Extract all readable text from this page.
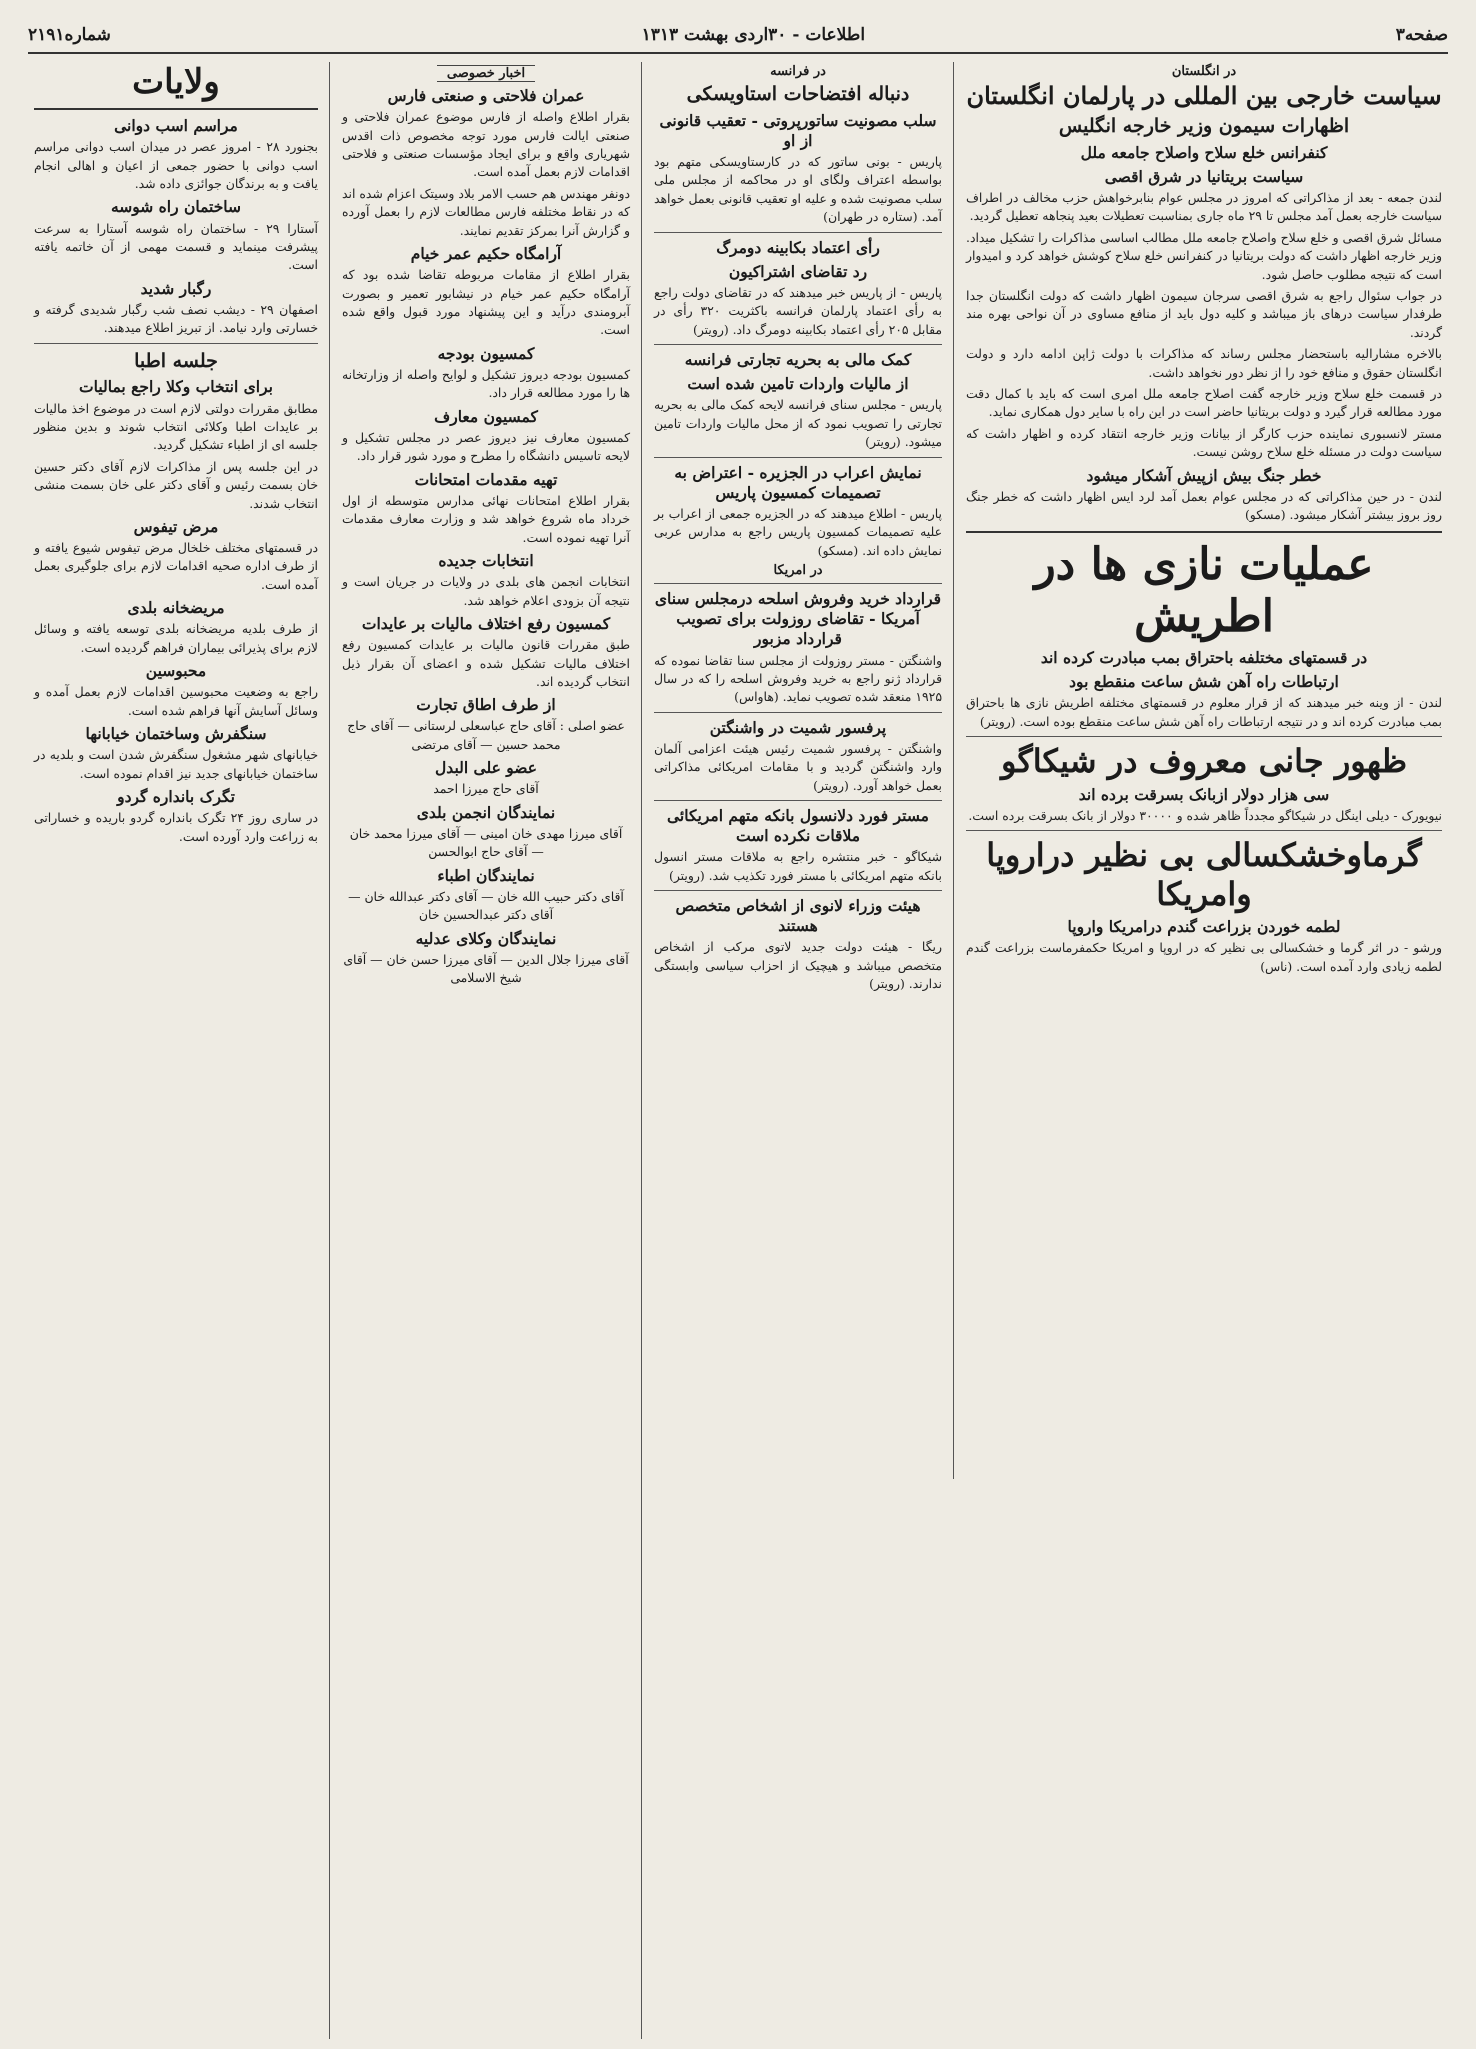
صفحه۳
اطلاعات - ۳۰اردی بهشت ۱۳۱۳
شماره۲۱۹۱
در انگلستان
سیاست خارجی بین المللی در پارلمان انگلستان
اظهارات سیمون وزیر خارجه انگلیس
کنفرانس خلع سلاح واصلاح جامعه ملل
سیاست بریتانیا در شرق اقصی

لندن جمعه - بعد از مذاکراتی که امروز در مجلس عوام بنابرخواهش حزب مخالف در اطراف سیاست خارجه بعمل آمد مجلس تا ۲۹ ماه جاری بمناسبت تعطیلات بعید پنجاهه تعطیل گردید.

مسائل شرق اقصی و خلع سلاح واصلاح جامعه ملل مطالب اساسی مذاکرات را تشکیل میداد. وزیر خارجه اظهار داشت که دولت بریتانیا در کنفرانس خلع سلاح کوشش خواهد کرد و امیدوار است که نتیجه مطلوب حاصل شود.

در جواب سئوال راجع به شرق اقصی سرجان سیمون اظهار داشت که دولت انگلستان جدا طرفدار سیاست درهای باز میباشد و کلیه دول باید از منافع مساوی در آن نواحی بهره مند گردند.

بالاخره مشارالیه باستحضار مجلس رساند که مذاکرات با دولت ژاپن ادامه دارد و دولت انگلستان حقوق و منافع خود را از نظر دور نخواهد داشت.

در قسمت خلع سلاح وزیر خارجه گفت اصلاح جامعه ملل امری است که باید با کمال دقت مورد مطالعه قرار گیرد و دولت بریتانیا حاضر است در این راه با سایر دول همکاری نماید.

مستر لانسبوری نماینده حزب کارگر از بیانات وزیر خارجه انتقاد کرده و اظهار داشت که سیاست دولت در مسئله خلع سلاح روشن نیست.

خطر جنگ بیش ازپیش آشکار میشود

لندن - در حین مذاکراتی که در مجلس عوام بعمل آمد لرد ایس اظهار داشت که خطر جنگ روز بروز بیشتر آشکار میشود. (مسکو)

عملیات نازی ها در اطریش
در قسمتهای مختلفه باحتراق بمب مبادرت کرده اند
ارتباطات راه آهن شش ساعت منقطع بود

لندن - از وینه خبر میدهند که از قرار معلوم در قسمتهای مختلفه اطریش نازی ها باحتراق بمب مبادرت کرده اند و در نتیجه ارتباطات راه آهن شش ساعت منقطع بوده است. (رویتر)

ظهور جانی معروف در شیکاگو
سی هزار دولار ازبانک بسرقت برده اند

نیویورک - دیلی اینگل در شیکاگو مجدداً ظاهر شده و ۳۰۰۰۰ دولار از بانک بسرقت برده است.

گرماوخشکسالی بی نظیر دراروپا وامریکا
لطمه خوردن بزراعت گندم درامریکا واروپا

ورشو - در اثر گرما و خشکسالی بی نظیر که در اروپا و امریکا حکمفرماست بزراعت گندم لطمه زیادی وارد آمده است. (ناس)

در فرانسه
دنباله افتضاحات استاویسکی
سلب مصونیت ساتورپروتی - تعقیب قانونی از او

پاریس - بونی ساتور که در کارستاویسکی متهم بود بواسطه اعتراف ولگای او در محاکمه از مجلس ملی سلب مصونیت شده و علیه او تعقیب قانونی بعمل خواهد آمد. (ستاره در طهران)

رأی اعتماد بکابینه دومرگ
رد تقاضای اشتراکیون

پاریس - از پاریس خبر میدهند که در تقاضای دولت راجع به رأی اعتماد پارلمان فرانسه باکثریت ۳۲۰ رأی در مقابل ۲۰۵ رأی اعتماد بکابینه دومرگ داد. (رویتر)

کمک مالی به بحریه تجارتی فرانسه
از مالیات واردات تامین شده است

پاریس - مجلس سنای فرانسه لایحه کمک مالی به بحریه تجارتی را تصویب نمود که از محل مالیات واردات تامین میشود. (رویتر)

نمایش اعراب در الجزیره - اعتراض به تصمیمات کمسیون پاریس

پاریس - اطلاع میدهند که در الجزیره جمعی از اعراب بر علیه تصمیمات کمسیون پاریس راجع به مدارس عربی نمایش داده اند. (مسکو)

در امریکا
قرارداد خرید وفروش اسلحه درمجلس سنای آمریکا - تقاضای روزولت برای تصویب قرارداد مزبور

واشنگتن - مستر روزولت از مجلس سنا تقاضا نموده که قرارداد ژنو راجع به خرید وفروش اسلحه را که در سال ۱۹۲۵ منعقد شده تصویب نماید. (هاواس)

پرفسور شمیت در واشنگتن

واشنگتن - پرفسور شمیت رئیس هیئت اعزامی آلمان وارد واشنگتن گردید و با مقامات امریکائی مذاکراتی بعمل خواهد آورد. (رویتر)

مستر فورد دلانسول بانکه متهم امریکائی ملاقات نکرده است

شیکاگو - خبر منتشره راجع به ملاقات مستر انسول بانکه متهم امریکائی با مستر فورد تکذیب شد. (رویتر)

هیئت وزراء لانوی از اشخاص متخصص هستند

ریگا - هیئت دولت جدید لاتوی مرکب از اشخاص متخصص میباشد و هیچیک از احزاب سیاسی وابستگی ندارند. (رویتر)

اخبار خصوصی
عمران فلاحتی و صنعتی فارس

بقرار اطلاع واصله از فارس موضوع عمران فلاحتی و صنعتی ایالت فارس مورد توجه مخصوص ذات اقدس شهریاری واقع و برای ایجاد مؤسسات صنعتی و فلاحتی اقدامات لازم بعمل آمده است.

دونفر مهندس هم حسب الامر بلاد وسیتک اعزام شده اند که در نقاط مختلفه فارس مطالعات لازم را بعمل آورده و گزارش آنرا بمرکز تقدیم نمایند.

آرامگاه حکیم عمر خیام

بقرار اطلاع از مقامات مربوطه تقاضا شده بود که آرامگاه حکیم عمر خیام در نیشابور تعمیر و بصورت آبرومندی درآید و این پیشنهاد مورد قبول واقع شده است.

کمسیون بودجه

کمسیون بودجه دیروز تشکیل و لوایح واصله از وزارتخانه ها را مورد مطالعه قرار داد.

کمسیون معارف

کمسیون معارف نیز دیروز عصر در مجلس تشکیل و لایحه تاسیس دانشگاه را مطرح و مورد شور قرار داد.

تهیه مقدمات امتحانات

بقرار اطلاع امتحانات نهائی مدارس متوسطه از اول خرداد ماه شروع خواهد شد و وزارت معارف مقدمات آنرا تهیه نموده است.

انتخابات جدیده

انتخابات انجمن های بلدی در ولایات در جریان است و نتیجه آن بزودی اعلام خواهد شد.

کمسیون رفع اختلاف مالیات بر عایدات

طبق مقررات قانون مالیات بر عایدات کمسیون رفع اختلاف مالیات تشکیل شده و اعضای آن بقرار ذیل انتخاب گردیده اند.

از طرف اطاق تجارت
عضو اصلی : آقای حاج عباسعلی لرستانی — آقای حاج محمد حسین — آقای مرتضی
عضو علی البدل
آقای حاج میرزا احمد
نمایندگان انجمن بلدی
آقای میرزا مهدی خان امینی — آقای میرزا محمد خان — آقای حاج ابوالحسن
نمایندگان اطباء
آقای دکتر حبیب الله خان — آقای دکتر عبدالله خان — آقای دکتر عبدالحسین خان
نمایندگان وکلای عدلیه
آقای میرزا جلال الدین — آقای میرزا حسن خان — آقای شیخ الاسلامی
ولایات
مراسم اسب دوانی

بجنورد ۲۸ - امروز عصر در میدان اسب دوانی مراسم اسب دوانی با حضور جمعی از اعیان و اهالی انجام یافت و به برندگان جوائزی داده شد.

ساختمان راه شوسه

آستارا ۲۹ - ساختمان راه شوسه آستارا به سرعت پیشرفت مینماید و قسمت مهمی از آن خاتمه یافته است.

رگبار شدید

اصفهان ۲۹ - دیشب نصف شب رگبار شدیدی گرفته و خسارتی وارد نیامد. از تبریز اطلاع میدهند.

جلسه اطبا
برای انتخاب وکلا راجع بمالیات

مطابق مقررات دولتی لازم است در موضوع اخذ مالیات بر عایدات اطبا وکلائی انتخاب شوند و بدین منظور جلسه ای از اطباء تشکیل گردید.

در این جلسه پس از مذاکرات لازم آقای دکتر حسین خان بسمت رئیس و آقای دکتر علی خان بسمت منشی انتخاب شدند.

مرض تیفوس

در قسمتهای مختلف خلخال مرض تیفوس شیوع یافته و از طرف اداره صحیه اقدامات لازم برای جلوگیری بعمل آمده است.

مریضخانه بلدی

از طرف بلدیه مریضخانه بلدی توسعه یافته و وسائل لازم برای پذیرائی بیماران فراهم گردیده است.

محبوسین

راجع به وضعیت محبوسین اقدامات لازم بعمل آمده و وسائل آسایش آنها فراهم شده است.

سنگفرش وساختمان خیابانها

خیابانهای شهر مشغول سنگفرش شدن است و بلدیه در ساختمان خیابانهای جدید نیز اقدام نموده است.

تگرک بانداره گردو

در ساری روز ۲۴ تگرک بانداره گردو باریده و خساراتی به زراعت وارد آورده است.
